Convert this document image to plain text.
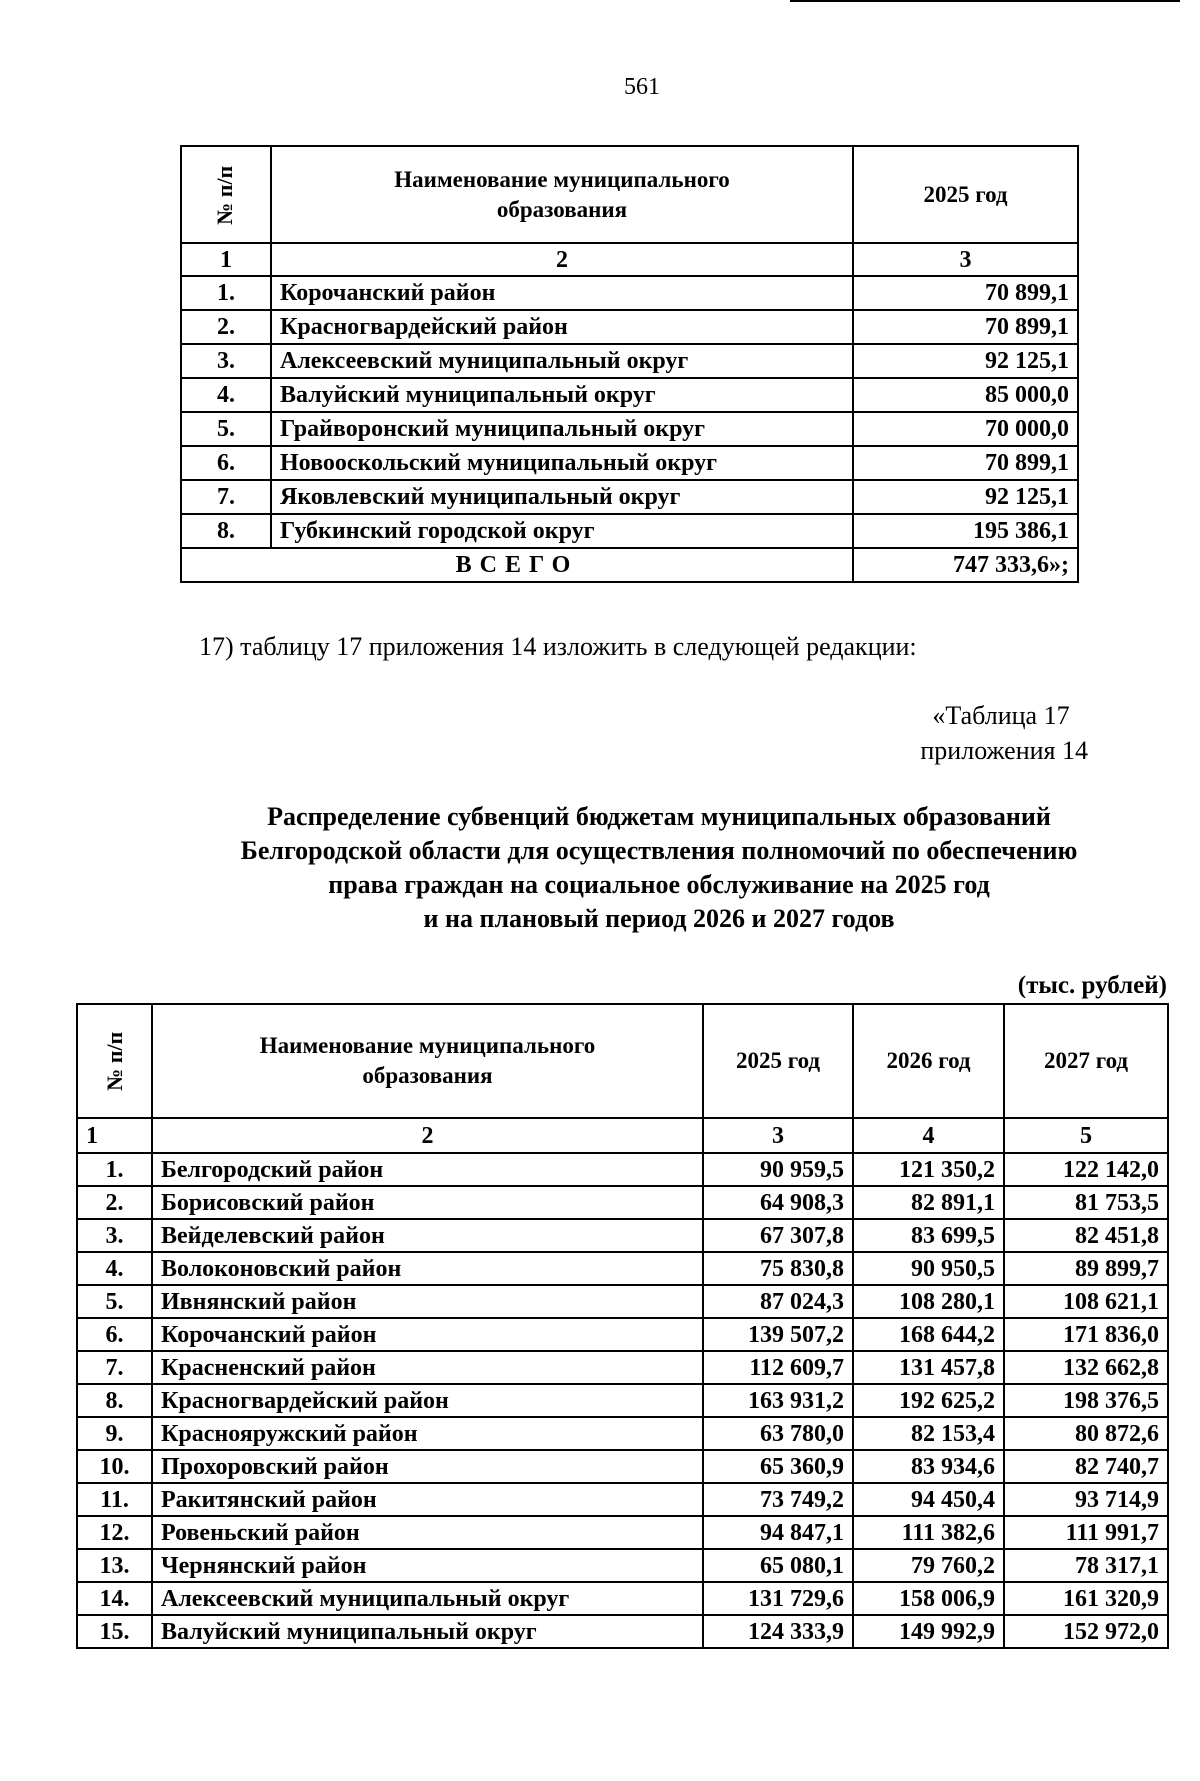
561
№ п/п	Наименование муниципального образования	2025 год
1	2	3
1.	Корочанский район	70 899,1
2.	Красногвардейский район	70 899,1
3.	Алексеевский муниципальный округ	92 125,1
4.	Валуйский муниципальный округ	85 000,0
5.	Грайворонский муниципальный округ	70 000,0
6.	Новооскольский муниципальный округ	70 899,1
7.	Яковлевский муниципальный округ	92 125,1
8.	Губкинский городской округ	195 386,1
ВСЕГО		747 333,6»;
17) таблицу 17 приложения 14 изложить в следующей редакции:
«Таблица 17
приложения 14
Распределение субвенций бюджетам муниципальных образований
Белгородской области для осуществления полномочий по обеспечению
права граждан на социальное обслуживание на 2025 год
и на плановый период 2026 и 2027 годов
(тыс. рублей)
№ п/п	Наименование муниципального образования	2025 год	2026 год	2027 год
1	2	3	4	5
1.	Белгородский район	90 959,5	121 350,2	122 142,0
2.	Борисовский район	64 908,3	82 891,1	81 753,5
3.	Вейделевский район	67 307,8	83 699,5	82 451,8
4.	Волоконовский район	75 830,8	90 950,5	89 899,7
5.	Ивнянский район	87 024,3	108 280,1	108 621,1
6.	Корочанский район	139 507,2	168 644,2	171 836,0
7.	Красненский район	112 609,7	131 457,8	132 662,8
8.	Красногвардейский район	163 931,2	192 625,2	198 376,5
9.	Краснояружский район	63 780,0	82 153,4	80 872,6
10.	Прохоровский район	65 360,9	83 934,6	82 740,7
11.	Ракитянский район	73 749,2	94 450,4	93 714,9
12.	Ровеньский район	94 847,1	111 382,6	111 991,7
13.	Чернянский район	65 080,1	79 760,2	78 317,1
14.	Алексеевский муниципальный округ	131 729,6	158 006,9	161 320,9
15.	Валуйский муниципальный округ	124 333,9	149 992,9	152 972,0
